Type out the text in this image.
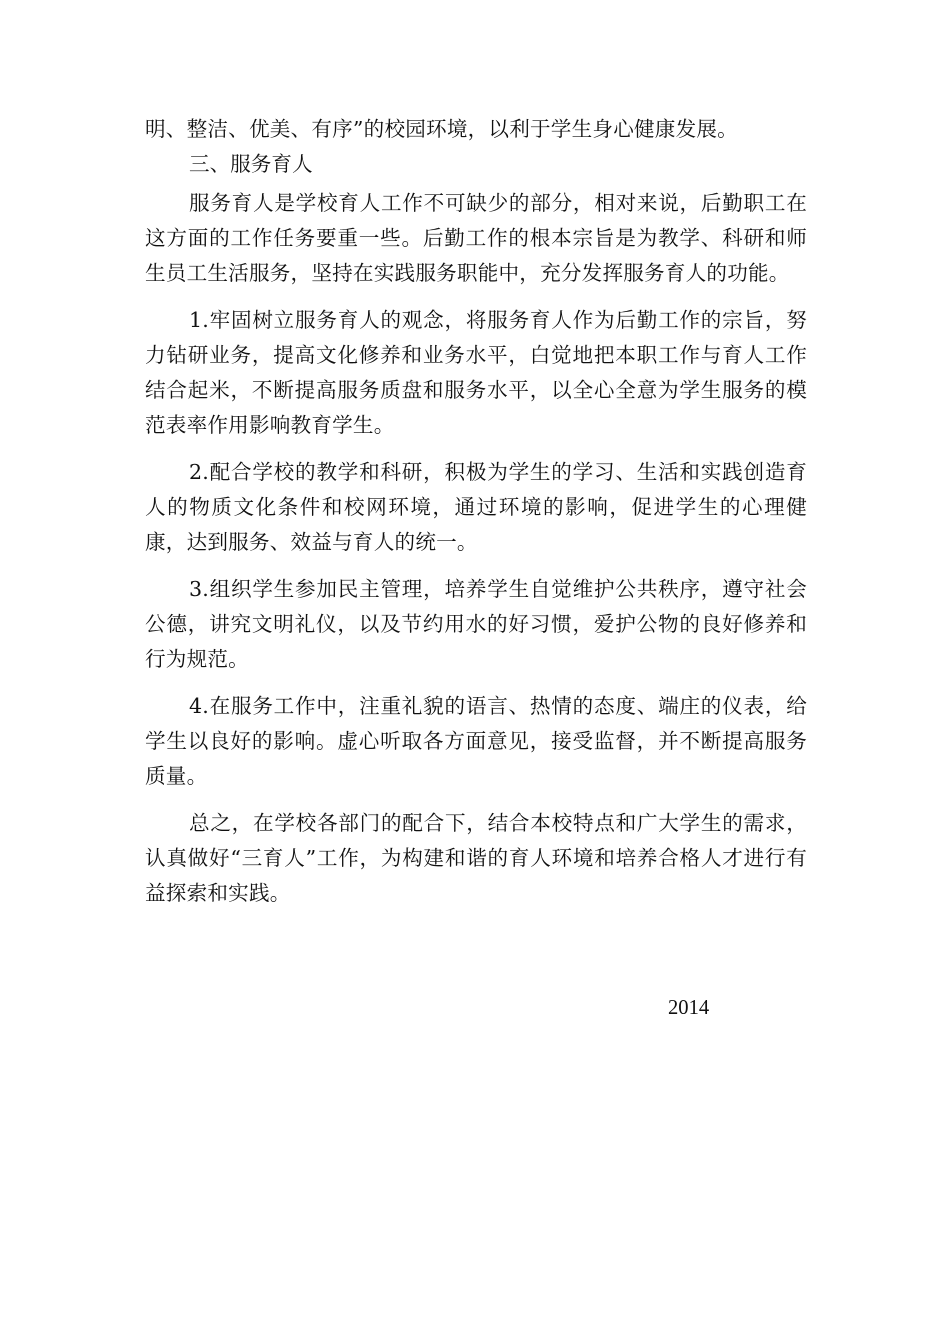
明、整洁、优美、有序”的校园环境，以利于学生身心健康发展。

三、服务育人

服务育人是学校育人工作不可缺少的部分，相对来说，后勤职工在这方面的工作任务要重一些。后勤工作的根本宗旨是为教学、科研和师生员工生活服务，坚持在实践服务职能中，充分发挥服务育人的功能。

1.牢固树立服务育人的观念，将服务育人作为后勤工作的宗旨，努力钻研业务，提高文化修养和业务水平，白觉地把本职工作与育人工作结合起米，不断提高服务质盘和服务水平，以全心全意为学生服务的模范表率作用影响教育学生。

2.配合学校的教学和科研，积极为学生的学习、生活和实践创造育人的物质文化条件和校网环境，通过环境的影响，促进学生的心理健康，达到服务、效益与育人的统一。

3.组织学生参加民主管理，培养学生自觉维护公共秩序，遵守社会公德，讲究文明礼仪，以及节约用水的好习惯，爱护公物的良好修养和行为规范。

4.在服务工作中，注重礼貌的语言、热情的态度、端庄的仪表，给学生以良好的影响。虚心听取各方面意见，接受监督，并不断提高服务质量。

总之，在学校各部门的配合下，结合本校特点和广大学生的需求，认真做好“三育人”工作，为构建和谐的育人环境和培养合格人才进行有益探索和实践。

2014
